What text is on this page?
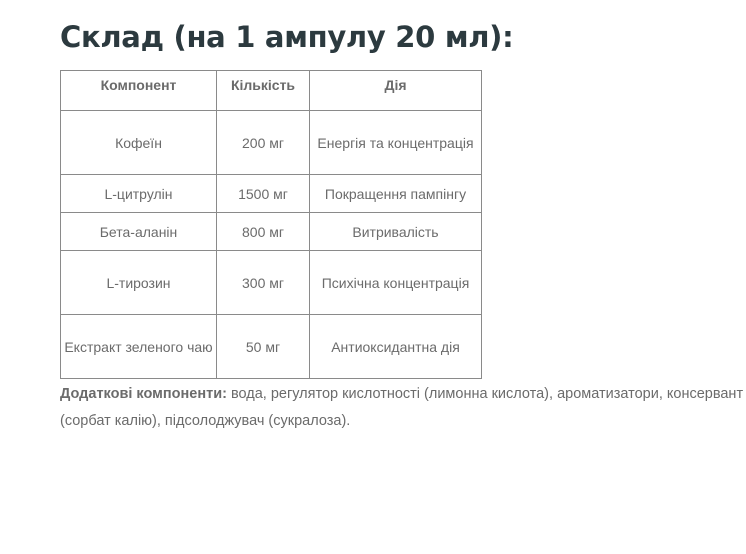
Склад (на 1 ампулу 20 мл):
Компонент	Кількість	Дія
Кофеїн	200 мг	Енергія та концентрація
L-цитрулін	1500 мг	Покращення пампінгу
Бета-аланін	800 мг	Витривалість
L-тирозин	300 мг	Психічна концентрація
Екстракт зеленого чаю	50 мг	Антиоксидантна дія

Додаткові компоненти: вода, регулятор кислотності (лимонна кислота), ароматизатори, консервант (сорбат калію), підсолоджувач (сукралоза).
